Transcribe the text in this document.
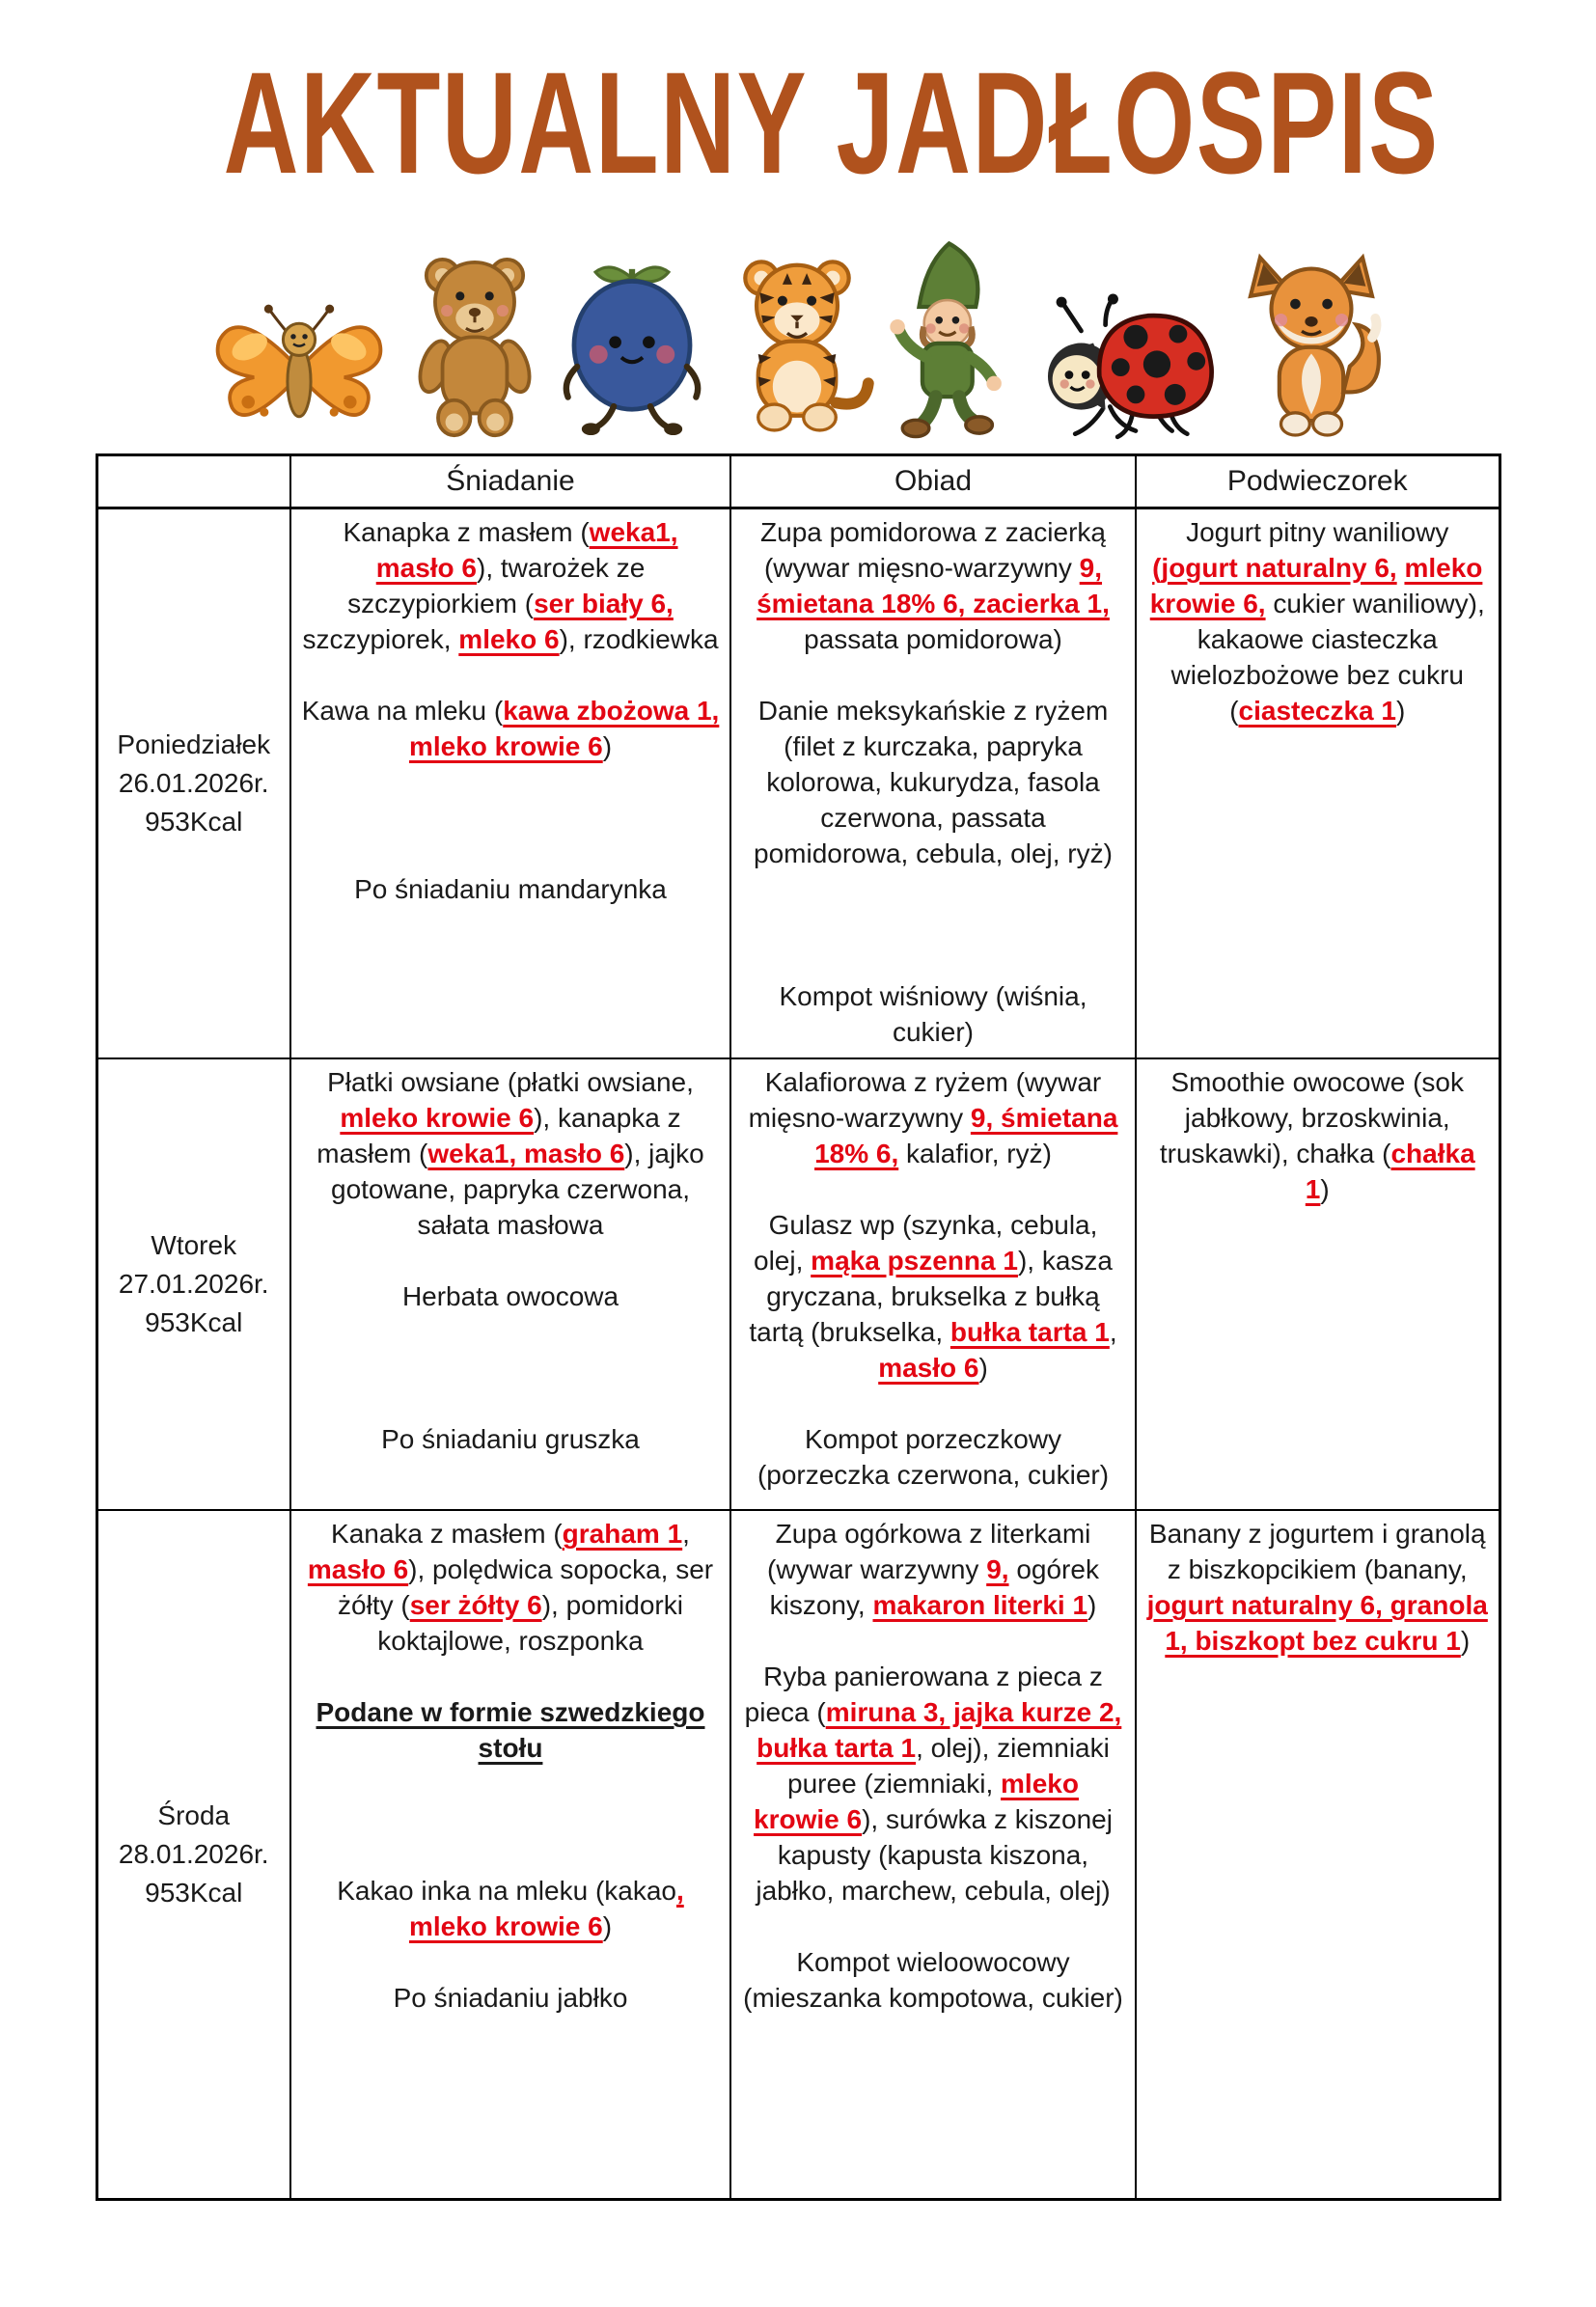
AKTUALNY JADŁOSPIS
	Śniadanie	Obiad	Podwieczorek

Poniedziałek
26.01.2026r.
953Kcal

Kanapka z masłem (weka1, masło 6), twarożek ze szczypiorkiem (ser biały 6, szczypiorek, mleko 6), rzodkiewka
Kawa na mleku (kawa zbożowa 1, mleko krowie 6)
Po śniadaniu mandarynka

Zupa pomidorowa z zacierką (wywar mięsno-warzywny 9, śmietana 18% 6, zacierka 1, passata pomidorowa)
Danie meksykańskie z ryżem (filet z kurczaka, papryka kolorowa, kukurydza, fasola czerwona, passata pomidorowa, cebula, olej, ryż)
Kompot wiśniowy (wiśnia, cukier)

Jogurt pitny waniliowy (jogurt naturalny 6, mleko krowie 6, cukier waniliowy), kakaowe ciasteczka wielozbożowe bez cukru (ciasteczka 1)

Wtorek
27.01.2026r.
953Kcal

Płatki owsiane (płatki owsiane, mleko krowie 6), kanapka z masłem (weka1, masło 6), jajko gotowane, papryka czerwona, sałata masłowa
Herbata owocowa
Po śniadaniu gruszka

Kalafiorowa z ryżem (wywar mięsno-warzywny 9, śmietana 18% 6, kalafior, ryż)
Gulasz wp (szynka, cebula, olej, mąka pszenna 1), kasza gryczana, brukselka z bułką tartą (brukselka, bułka tarta 1, masło 6)
Kompot porzeczkowy (porzeczka czerwona, cukier)

Smoothie owocowe (sok jabłkowy, brzoskwinia, truskawki), chałka (chałka 1)

Środa
28.01.2026r.
953Kcal

Kanaka z masłem (graham 1, masło 6), polędwica sopocka, ser żółty (ser żółty 6), pomidorki koktajlowe, roszponka
Podane w formie szwedzkiego stołu
Kakao inka na mleku (kakao, mleko krowie 6)
Po śniadaniu jabłko

Zupa ogórkowa z literkami (wywar warzywny 9, ogórek kiszony, makaron literki 1)
Ryba panierowana z pieca z pieca (miruna 3, jajka kurze 2, bułka tarta 1, olej), ziemniaki puree (ziemniaki, mleko krowie 6), surówka z kiszonej kapusty (kapusta kiszona, jabłko, marchew, cebula, olej)
Kompot wieloowocowy (mieszanka kompotowa, cukier)

Banany z jogurtem i granolą z biszkopcikiem (banany, jogurt naturalny 6, granola 1, biszkopt bez cukru 1)
